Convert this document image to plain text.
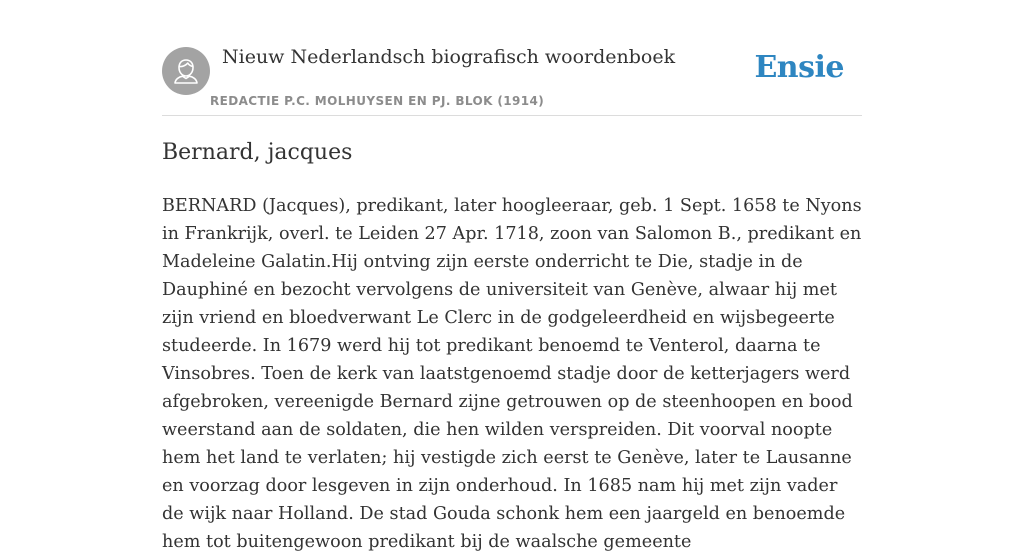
Nieuw Nederlandsch biografisch woordenboek
REDACTIE P.C. MOLHUYSEN EN PJ. BLOK (1914)
Ensie
Bernard, jacques

BERNARD (Jacques), predikant, later hoogleeraar, geb. 1 Sept. 1658 te Nyons in Frankrijk, overl. te Leiden 27 Apr. 1718, zoon van Salomon B., predikant en Madeleine Galatin.Hij ontving zijn eerste onderricht te Die, stadje in de Dauphiné en bezocht vervolgens de universiteit van Genève, alwaar hij met zijn vriend en bloedverwant Le Clerc in de godgeleerdheid en wijsbegeerte studeerde. In 1679 werd hij tot predikant benoemd te Venterol, daarna te Vinsobres. Toen de kerk van laatstgenoemd stadje door de ketterjagers werd afgebroken, vereenigde Bernard zijne getrouwen op de steenhoopen en bood weerstand aan de soldaten, die hen wilden verspreiden. Dit voorval noopte hem het land te verlaten; hij vestigde zich eerst te Genève, later te Lausanne en voorzag door lesgeven in zijn onderhoud. In 1685 nam hij met zijn vader de wijk naar Holland. De stad Gouda schonk hem een jaargeld en benoemde hem tot buitengewoon predikant bij de waalsche gemeente
